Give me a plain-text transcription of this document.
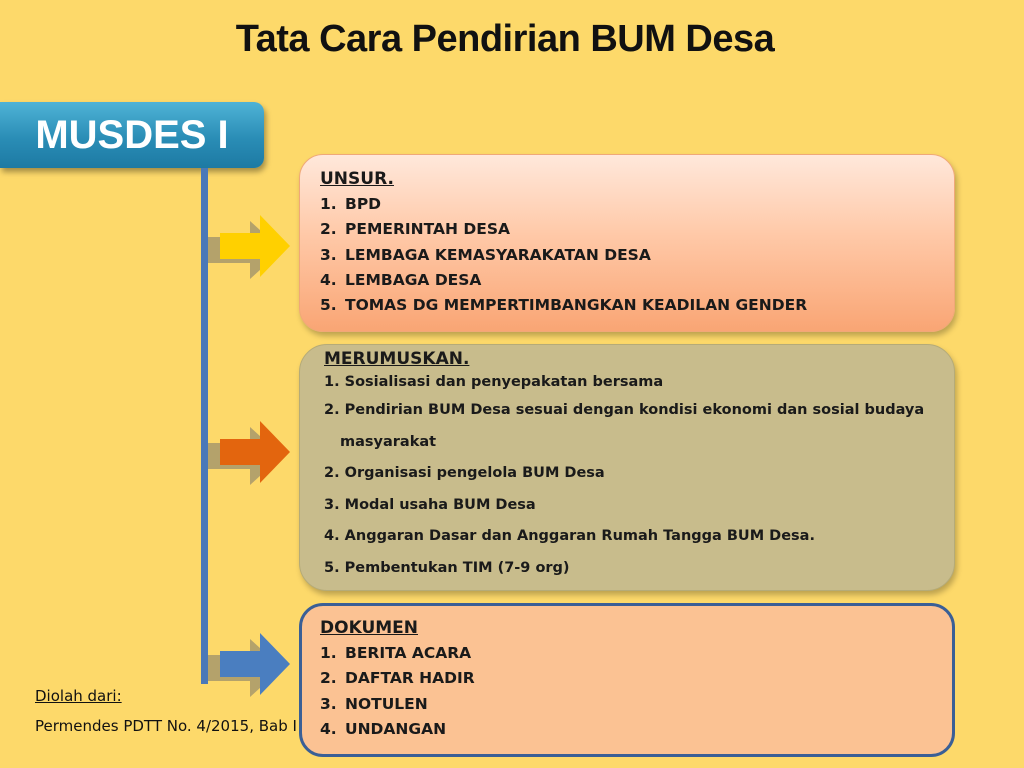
Tata Cara Pendirian BUM Desa
MUSDES I
UNSUR.
1. BPD
2. PEMERINTAH DESA
3. LEMBAGA KEMASYARAKATAN DESA
4. LEMBAGA DESA
5. TOMAS DG MEMPERTIMBANGKAN KEADILAN GENDER
MERUMUSKAN.
1. Sosialisasi dan penyepakatan bersama
2. Pendirian BUM Desa sesuai dengan kondisi ekonomi dan sosial budaya
masyarakat
2. Organisasi pengelola BUM Desa
3. Modal usaha BUM Desa
4. Anggaran Dasar dan Anggaran Rumah Tangga BUM Desa.
5. Pembentukan TIM (7-9 org)
DOKUMEN
1. BERITA ACARA
2. DAFTAR HADIR
3. NOTULEN
4. UNDANGAN
Diolah dari:
Permendes PDTT No. 4/2015, Bab I
